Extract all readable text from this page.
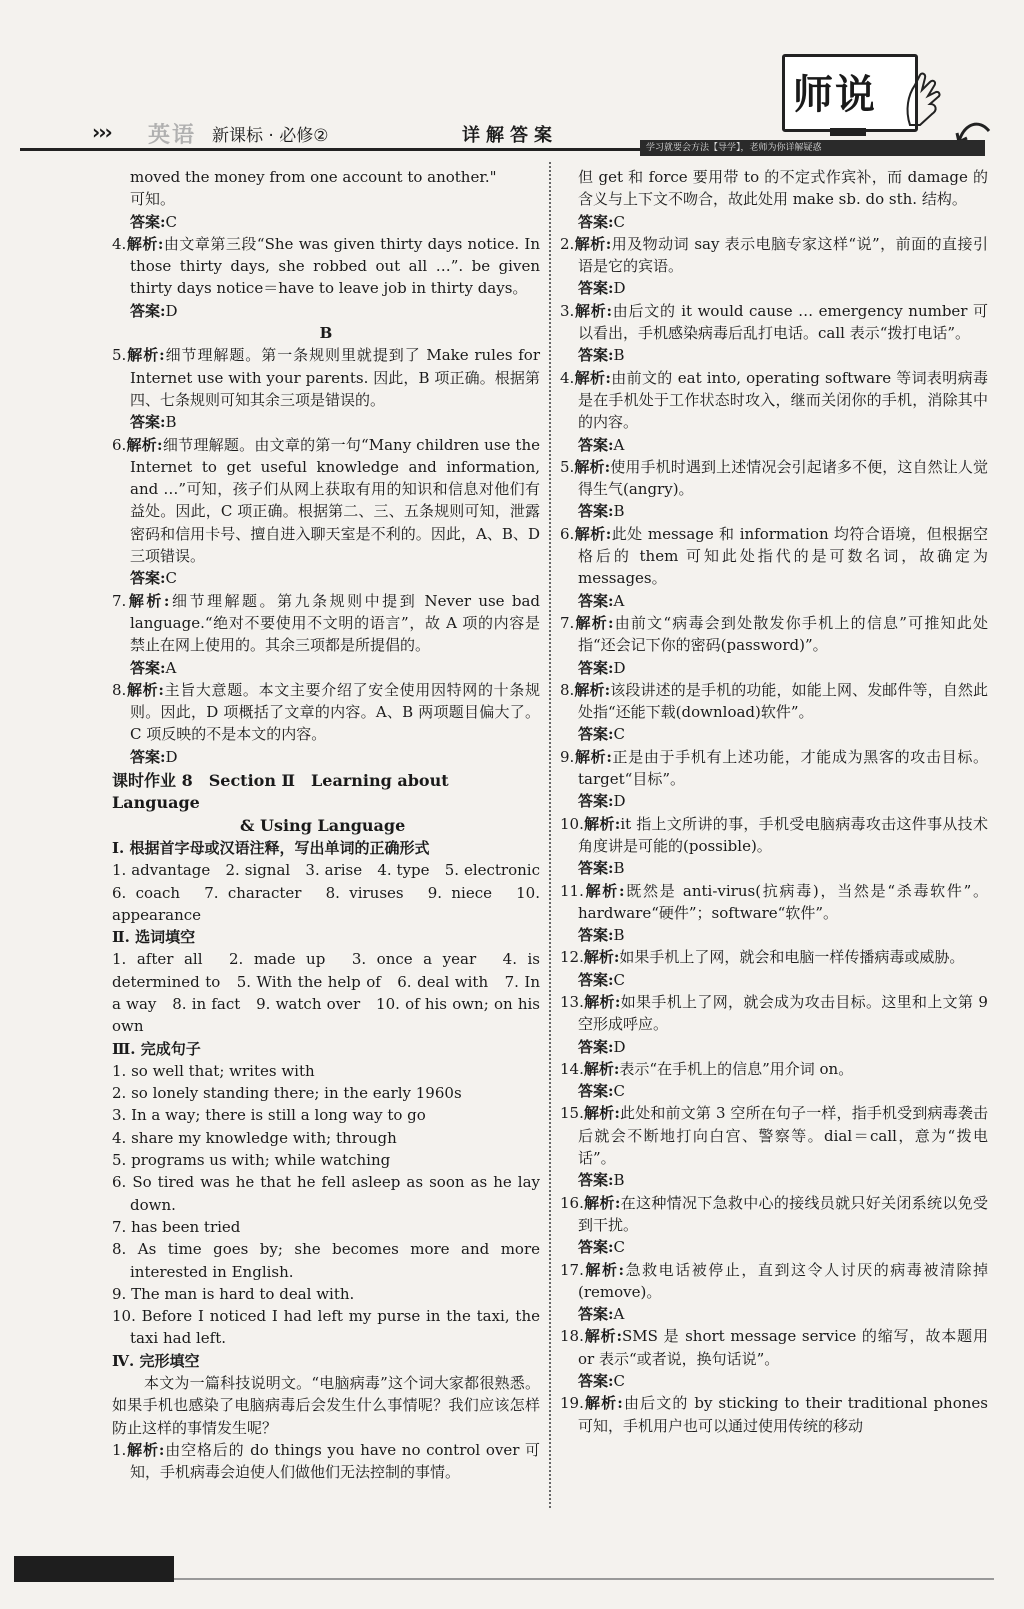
››› 英语 新课标 · 必修②	详解答案
师说
学习就要会方法【导学】，老师为你详解疑惑

moved the money from one account to another."

可知。

答案:C

4.解析:由文章第三段“She was given thirty days notice. In those thirty days, she robbed out all …”. be given thirty days notice＝have to leave job in thirty days。

答案:D

B

5.解析:细节理解题。第一条规则里就提到了 Make rules for Internet use with your parents. 因此，B 项正确。根据第四、七条规则可知其余三项是错误的。

答案:B

6.解析:细节理解题。由文章的第一句“Many children use the Internet to get useful knowledge and information, and …”可知，孩子们从网上获取有用的知识和信息对他们有益处。因此，C 项正确。根据第二、三、五条规则可知，泄露密码和信用卡号、擅自进入聊天室是不利的。因此，A、B、D 三项错误。

答案:C

7.解析:细节理解题。第九条规则中提到 Never use bad language.“绝对不要使用不文明的语言”，故 A 项的内容是禁止在网上使用的。其余三项都是所提倡的。

答案:A

8.解析:主旨大意题。本文主要介绍了安全使用因特网的十条规则。因此，D 项概括了文章的内容。A、B 两项题目偏大了。C 项反映的不是本文的内容。

答案:D

课时作业 8　Section Ⅱ　Learning about Language

& Using Language

Ⅰ. 根据首字母或汉语注释，写出单词的正确形式

1. advantage　2. signal　3. arise　4. type　5. electronic　6. coach　7. character　8. viruses　9. niece　10. appearance

Ⅱ. 选词填空

1. after all　2. made up　3. once a year　4. is determined to　5. With the help of　6. deal with　7. In a way　8. in fact　9. watch over　10. of his own; on his own

Ⅲ. 完成句子

1. so well that; writes with

2. so lonely standing there; in the early 1960s

3. In a way; there is still a long way to go

4. share my knowledge with; through

5. programs us with; while watching

6. So tired was he that he fell asleep as soon as he lay down.

7. has been tried

8. As time goes by; she becomes more and more interested in English.

9. The man is hard to deal with.

10. Before I noticed I had left my purse in the taxi, the taxi had left.

Ⅳ. 完形填空

本文为一篇科技说明文。“电脑病毒”这个词大家都很熟悉。如果手机也感染了电脑病毒后会发生什么事情呢？我们应该怎样防止这样的事情发生呢？

1.解析:由空格后的 do things you have no control over 可知，手机病毒会迫使人们做他们无法控制的事情。

但 get 和 force 要用带 to 的不定式作宾补，而 damage 的含义与上下文不吻合，故此处用 make sb. do sth. 结构。

答案:C

2.解析:用及物动词 say 表示电脑专家这样“说”，前面的直接引语是它的宾语。

答案:D

3.解析:由后文的 it would cause … emergency number 可以看出，手机感染病毒后乱打电话。call 表示“拨打电话”。

答案:B

4.解析:由前文的 eat into, operating software 等词表明病毒是在手机处于工作状态时攻入，继而关闭你的手机，消除其中的内容。

答案:A

5.解析:使用手机时遇到上述情况会引起诸多不便，这自然让人觉得生气(angry)。

答案:B

6.解析:此处 message 和 information 均符合语境，但根据空格后的 them 可知此处指代的是可数名词，故确定为 messages。

答案:A

7.解析:由前文“病毒会到处散发你手机上的信息”可推知此处指“还会记下你的密码(password)”。

答案:D

8.解析:该段讲述的是手机的功能，如能上网、发邮件等，自然此处指“还能下载(download)软件”。

答案:C

9.解析:正是由于手机有上述功能，才能成为黑客的攻击目标。target“目标”。

答案:D

10.解析:it 指上文所讲的事，手机受电脑病毒攻击这件事从技术角度讲是可能的(possible)。

答案:B

11.解析:既然是 anti-virus(抗病毒)，当然是“杀毒软件”。hardware“硬件”；software“软件”。

答案:B

12.解析:如果手机上了网，就会和电脑一样传播病毒或威胁。

答案:C

13.解析:如果手机上了网，就会成为攻击目标。这里和上文第 9 空形成呼应。

答案:D

14.解析:表示“在手机上的信息”用介词 on。

答案:C

15.解析:此处和前文第 3 空所在句子一样，指手机受到病毒袭击后就会不断地打向白宫、警察等。dial＝call，意为“拨电话”。

答案:B

16.解析:在这种情况下急救中心的接线员就只好关闭系统以免受到干扰。

答案:C

17.解析:急救电话被停止，直到这令人讨厌的病毒被清除掉(remove)。

答案:A

18.解析:SMS 是 short message service 的缩写，故本题用 or 表示“或者说，换句话说”。

答案:C

19.解析:由后文的 by sticking to their traditional phones 可知，手机用户也可以通过使用传统的移动
